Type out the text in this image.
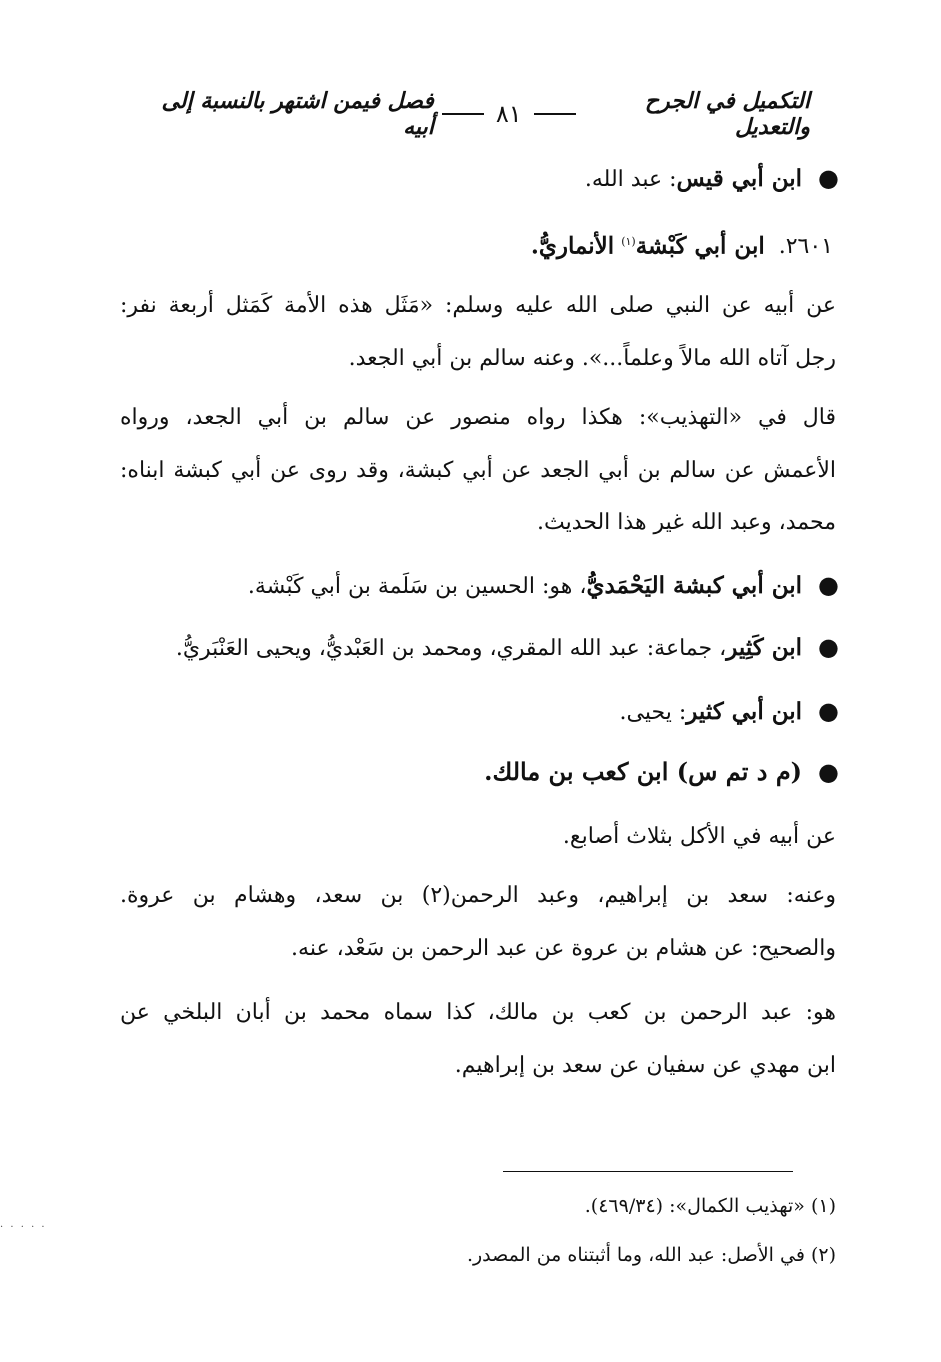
فصل فيمن اشتهر بالنسبة إلى أبيه	٨١	التكميل في الجرح والتعديل
●ابن أبي قيس: عبد الله.
٢٦٠١.ابن أبي كَبْشة$^{(١)}$ الأنماريُّ.
عن أبيه عن النبي صلى الله عليه وسلم: «مَثَل هذه الأمة كَمَثل أربعة نفر:
رجل آتاه الله مالاً وعلماً...». وعنه سالم بن أبي الجعد.
قال في «التهذيب»: هكذا رواه منصور عن سالم بن أبي الجعد، ورواه
الأعمش عن سالم بن أبي الجعد عن أبي كبشة، وقد روى عن أبي كبشة ابناه:
محمد، وعبد الله غير هذا الحديث.
●ابن أبي كبشة اليَحْمَديُّ، هو: الحسين بن سَلَمة بن أبي كَبْشة.
●ابن كَثِير، جماعة: عبد الله المقري، ومحمد بن العَبْديُّ، ويحيى العَنْبَريُّ.
●ابن أبي كثير: يحيى.
●(م د تم س) ابن كعب بن مالك.
عن أبيه في الأكل بثلاث أصابع.
وعنه: سعد بن إبراهيم، وعبد الرحمن(٢) بن سعد، وهشام بن عروة.
والصحيح: عن هشام بن عروة عن عبد الرحمن بن سَعْد، عنه.
هو: عبد الرحمن بن كعب بن مالك، كذا سماه محمد بن أبان البلخي عن
ابن مهدي عن سفيان عن سعد بن إبراهيم.
(١) «تهذيب الكمال»: (٤٦٩/٣٤).
(٢) في الأصل: عبد الله، وما أثبتناه من المصدر.
· · · · ·
